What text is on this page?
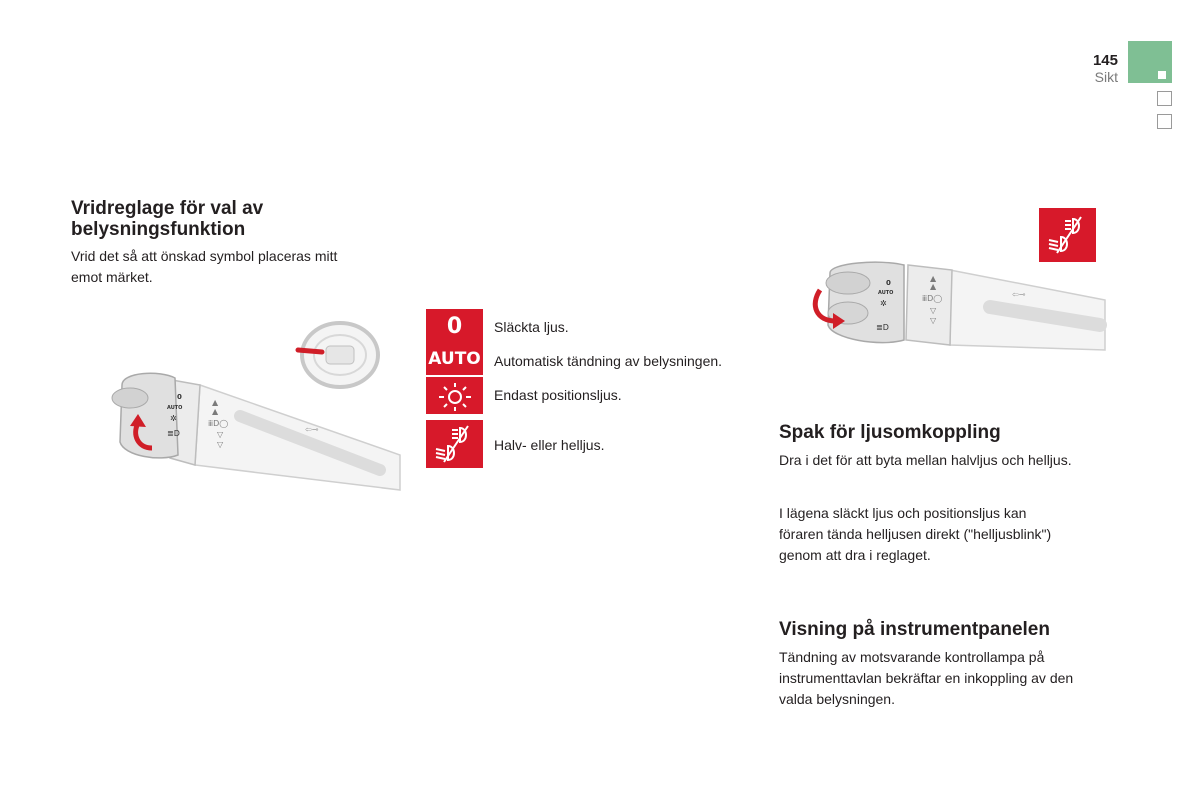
145
Sikt
Vridreglage för val av
belysningsfunktion

Vrid det så att önskad symbol placeras mitt
emot märket.

⇦⊸
▲
▲
ⅲD◯
▽
▽
0
AUTO
✲
≣D
0 Släckta ljus.
AUTO Automatisk tändning av belysningen.
Endast positionsljus.
Halv- eller helljus.
⇦⊸
▲
▲
ⅲD◯
▽
▽
0
AUTO
✲
≣D
Spak för ljusomkoppling

Dra i det för att byta mellan halvljus och helljus.

I lägena släckt ljus och positionsljus kan
föraren tända helljusen direkt ("helljusblink")
genom att dra i reglaget.

Visning på instrumentpanelen

Tändning av motsvarande kontrollampa på
instrumenttavlan bekräftar en inkoppling av den
valda belysningen.
